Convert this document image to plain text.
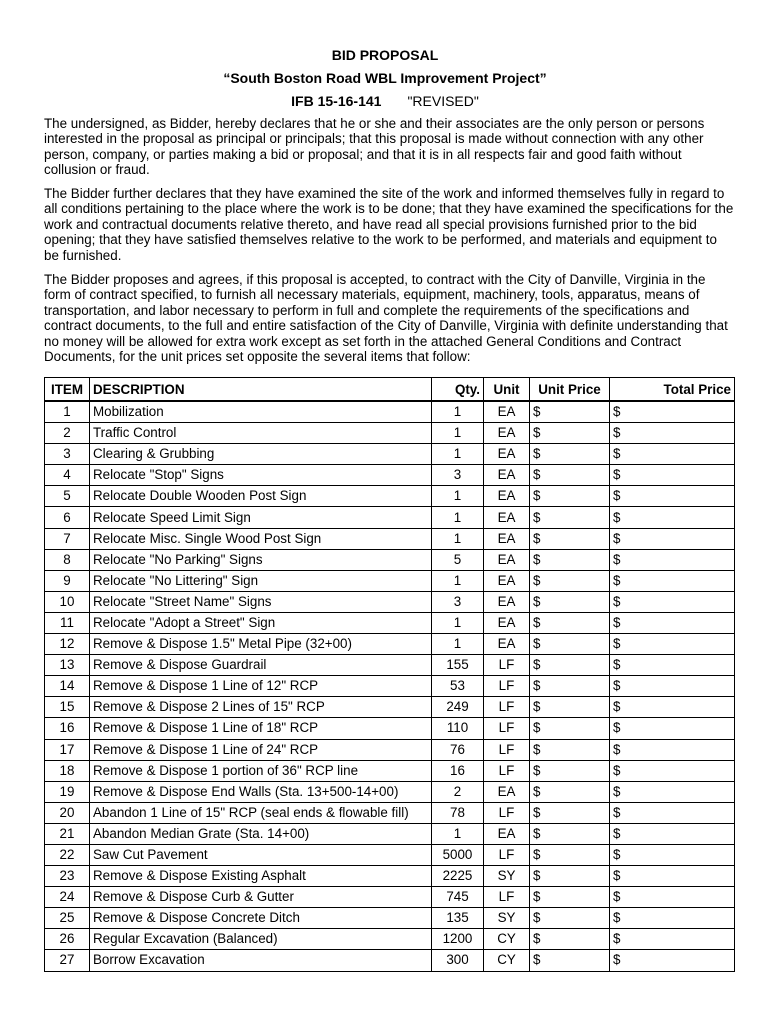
BID PROPOSAL
“South Boston Road WBL Improvement Project”
IFB 15-16-141 "REVISED"

The undersigned, as Bidder, hereby declares that he or she and their associates are the only person or persons interested in the proposal as principal or principals; that this proposal is made without connection with any other person, company, or parties making a bid or proposal; and that it is in all respects fair and good faith without collusion or fraud.

The Bidder further declares that they have examined the site of the work and informed themselves fully in regard to all conditions pertaining to the place where the work is to be done; that they have examined the specifications for the work and contractual documents relative thereto, and have read all special provisions furnished prior to the bid opening; that they have satisfied themselves relative to the work to be performed, and materials and equipment to be furnished.

The Bidder proposes and agrees, if this proposal is accepted, to contract with the City of Danville, Virginia in the form of contract specified, to furnish all necessary materials, equipment, machinery, tools, apparatus, means of transportation, and labor necessary to perform in full and complete the requirements of the specifications and contract documents, to the full and entire satisfaction of the City of Danville, Virginia with definite understanding that no money will be allowed for extra work except as set forth in the attached General Conditions and Contract Documents, for the unit prices set opposite the several items that follow:

ITEM	DESCRIPTION	Qty.	Unit	Unit Price	Total Price
1	Mobilization	1	EA	$	$
2	Traffic Control	1	EA	$	$
3	Clearing & Grubbing	1	EA	$	$
4	Relocate "Stop" Signs	3	EA	$	$
5	Relocate Double Wooden Post Sign	1	EA	$	$
6	Relocate Speed Limit Sign	1	EA	$	$
7	Relocate Misc. Single Wood Post Sign	1	EA	$	$
8	Relocate "No Parking" Signs	5	EA	$	$
9	Relocate "No Littering" Sign	1	EA	$	$
10	Relocate "Street Name" Signs	3	EA	$	$
11	Relocate "Adopt a Street" Sign	1	EA	$	$
12	Remove & Dispose 1.5" Metal Pipe (32+00)	1	EA	$	$
13	Remove & Dispose Guardrail	155	LF	$	$
14	Remove & Dispose 1 Line of 12" RCP	53	LF	$	$
15	Remove & Dispose 2 Lines of 15" RCP	249	LF	$	$
16	Remove & Dispose 1 Line of 18" RCP	110	LF	$	$
17	Remove & Dispose 1 Line of 24" RCP	76	LF	$	$
18	Remove & Dispose 1 portion of 36" RCP line	16	LF	$	$
19	Remove & Dispose End Walls (Sta. 13+500-14+00)	2	EA	$	$
20	Abandon 1 Line of 15" RCP (seal ends & flowable fill)	78	LF	$	$
21	Abandon Median Grate (Sta. 14+00)	1	EA	$	$
22	Saw Cut Pavement	5000	LF	$	$
23	Remove & Dispose Existing Asphalt	2225	SY	$	$
24	Remove & Dispose Curb & Gutter	745	LF	$	$
25	Remove & Dispose Concrete Ditch	135	SY	$	$
26	Regular Excavation (Balanced)	1200	CY	$	$
27	Borrow Excavation	300	CY	$	$
